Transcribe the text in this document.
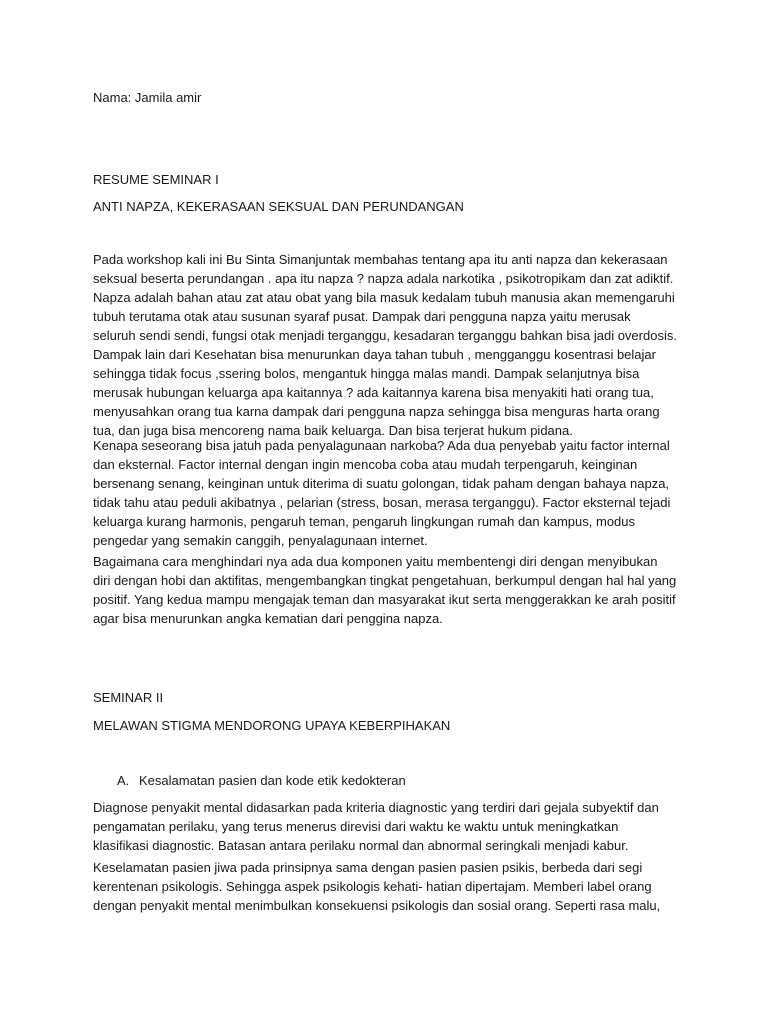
Nama: Jamila amir
RESUME SEMINAR I
ANTI NAPZA, KEKERASAAN SEKSUAL DAN PERUNDANGAN
Pada workshop kali ini Bu Sinta Simanjuntak membahas tentang apa itu anti napza dan kekerasaan
seksual beserta perundangan . apa itu napza ? napza adala narkotika , psikotropikam dan zat adiktif.
Napza adalah bahan atau zat atau obat yang bila masuk kedalam tubuh manusia akan memengaruhi
tubuh terutama otak atau susunan syaraf pusat. Dampak dari pengguna napza yaitu merusak
seluruh sendi sendi, fungsi otak menjadi terganggu, kesadaran terganggu bahkan bisa jadi overdosis.
Dampak lain dari Kesehatan bisa menurunkan daya tahan tubuh , mengganggu kosentrasi belajar
sehingga tidak focus ,ssering bolos, mengantuk hingga malas mandi. Dampak selanjutnya bisa
merusak hubungan keluarga apa kaitannya ? ada kaitannya karena bisa menyakiti hati orang tua,
menyusahkan orang tua karna dampak dari pengguna napza sehingga bisa menguras harta orang
tua, dan juga bisa mencoreng nama baik keluarga. Dan bisa terjerat hukum pidana.
Kenapa seseorang bisa jatuh pada penyalagunaan narkoba? Ada dua penyebab yaitu factor internal
dan eksternal. Factor internal dengan ingin mencoba coba atau mudah terpengaruh, keinginan
bersenang senang, keinginan untuk diterima di suatu golongan, tidak paham dengan bahaya napza,
tidak tahu atau peduli akibatnya , pelarian (stress, bosan, merasa terganggu). Factor eksternal tejadi
keluarga kurang harmonis, pengaruh teman, pengaruh lingkungan rumah dan kampus, modus
pengedar yang semakin canggih, penyalagunaan internet.
Bagaimana cara menghindari nya ada dua komponen yaitu membentengi diri dengan menyibukan
diri dengan hobi dan aktifitas, mengembangkan tingkat pengetahuan, berkumpul dengan hal hal yang
positif. Yang kedua mampu mengajak teman dan masyarakat ikut serta menggerakkan ke arah positif
agar bisa menurunkan angka kematian dari penggina napza.
SEMINAR II
MELAWAN STIGMA MENDORONG UPAYA KEBERPIHAKAN
A. Kesalamatan pasien dan kode etik kedokteran
Diagnose penyakit mental didasarkan pada kriteria diagnostic yang terdiri dari gejala subyektif dan
pengamatan perilaku, yang terus menerus direvisi dari waktu ke waktu untuk meningkatkan
klasifikasi diagnostic. Batasan antara perilaku normal dan abnormal seringkali menjadi kabur.
Keselamatan pasien jiwa pada prinsipnya sama dengan pasien pasien psikis, berbeda dari segi
kerentenan psikologis. Sehingga aspek psikologis kehati- hatian dipertajam. Memberi label orang
dengan penyakit mental menimbulkan konsekuensi psikologis dan sosial orang. Seperti rasa malu,
